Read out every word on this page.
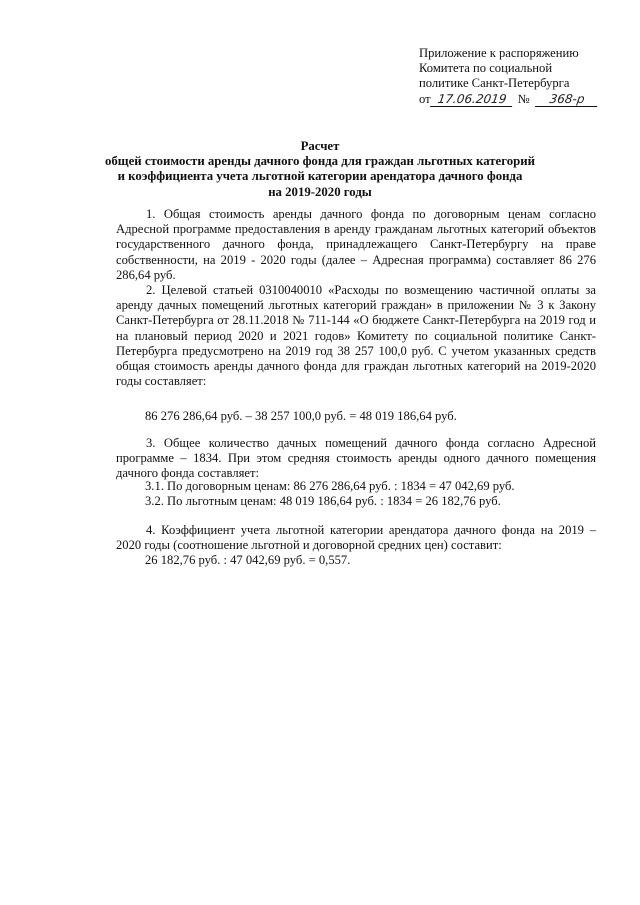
Приложение к распоряжению
Комитета по социальной
политике Санкт-Петербурга
от 17.06.2019 №	368-р
Расчет
общей стоимости аренды дачного фонда для граждан льготных категорий
и коэффициента учета льготной категории арендатора дачного фонда
на 2019-2020 годы

1. Общая стоимость аренды дачного фонда по договорным ценам согласно Адресной программе предоставления в аренду гражданам льготных категорий объектов государственного дачного фонда, принадлежащего Санкт-Петербургу на праве собственности, на 2019 - 2020 годы (далее – Адресная программа) составляет 86 276 286,64 руб.

2. Целевой статьей 0310040010 «Расходы по возмещению частичной оплаты за аренду дачных помещений льготных категорий граждан» в приложении № 3 к Закону Санкт-Петербурга от 28.11.2018 № 711-144 «О бюджете Санкт-Петербурга на 2019 год и на плановый период 2020 и 2021 годов» Комитету по социальной политике Санкт-Петербурга предусмотрено на 2019 год 38 257 100,0 руб. С учетом указанных средств общая стоимость аренды дачного фонда для граждан льготных категорий на 2019-2020 годы составляет:

86 276 286,64 руб. – 38 257 100,0 руб. = 48 019 186,64 руб.

3. Общее количество дачных помещений дачного фонда согласно Адресной программе – 1834. При этом средняя стоимость аренды одного дачного помещения дачного фонда составляет:

3.1. По договорным ценам: 86 276 286,64 руб. : 1834 = 47 042,69 руб.
3.2. По льготным ценам: 48 019 186,64 руб. : 1834 = 26 182,76 руб.

4. Коэффициент учета льготной категории арендатора дачного фонда на 2019 – 2020 годы (соотношение льготной и договорной средних цен) составит:

26 182,76 руб. : 47 042,69 руб. = 0,557.
